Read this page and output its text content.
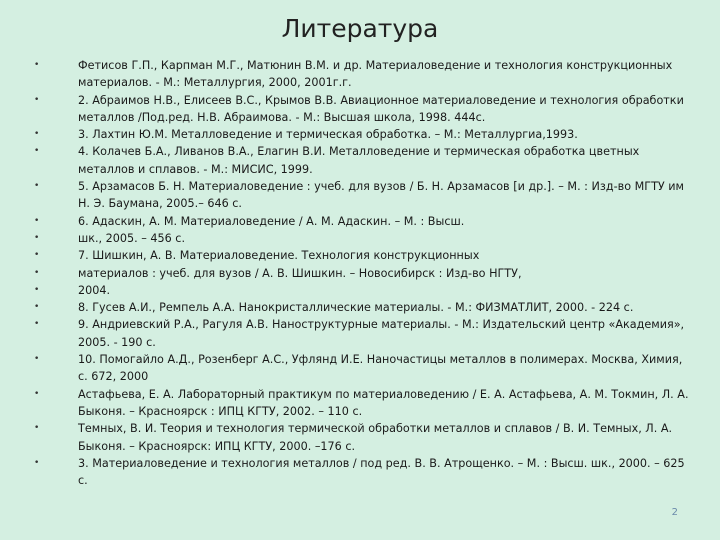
Литература
•	Фетисов Г.П., Карпман М.Г., Матюнин В.М. и др. Материаловедение и технология конструкционных материалов. - М.: Металлургия, 2000, 2001г.г.
•	2. Абраимов Н.В., Елисеев В.С., Крымов В.В. Авиационное материаловедение и технология обработки металлов /Под.ред. Н.В. Абраимова. - М.: Высшая школа, 1998. 444с.
•	3. Лахтин Ю.М. Металловедение и термическая обработка. – М.: Металлургиа,1993.
•	4. Колачев Б.А., Ливанов В.А., Елагин В.И. Металловедение и термическая обработка цветных металлов и сплавов. - М.: МИСИС, 1999.
•	5. Арзамасов Б. Н. Материаловедение : учеб. для вузов / Б. Н. Арзамасов [и др.]. – М. : Изд-во МГТУ им Н. Э. Баумана, 2005.– 646 с.
•	6. Адаскин, А. М. Материаловедение / А. М. Адаскин. – М. : Высш.
•	шк., 2005. – 456 с.
•	7. Шишкин, А. В. Материаловедение. Технология конструкционных
•	материалов : учеб. для вузов / А. В. Шишкин. – Новосибирск : Изд-во НГТУ,
•	2004.
•	8. Гусев А.И., Ремпель А.А. Нанокристаллические материалы. - М.: ФИЗМАТЛИТ, 2000. - 224 с.
•	9. Андриевский Р.А., Рагуля А.В. Наноструктурные материалы. - М.: Издательский центр «Академия», 2005. - 190 с.
•	10. Помогайло А.Д., Розенберг А.С., Уфлянд И.Е. Наночастицы металлов в полимерах. Москва, Химия, с. 672, 2000
•	Астафьева, Е. А. Лабораторный практикум по материаловедению / Е. А. Астафьева, А. М. Токмин, Л. А. Быконя. – Красноярск : ИПЦ КГТУ, 2002. – 110 с.
•	Темных, В. И. Теория и технология термической обработки металлов и сплавов / В. И. Темных, Л. А. Быконя. – Красноярск: ИПЦ КГТУ, 2000. –176 с.
•	3. Материаловедение и технология металлов / под ред. В. В. Атрощенко. – М. : Высш. шк., 2000. – 625 с.
2
